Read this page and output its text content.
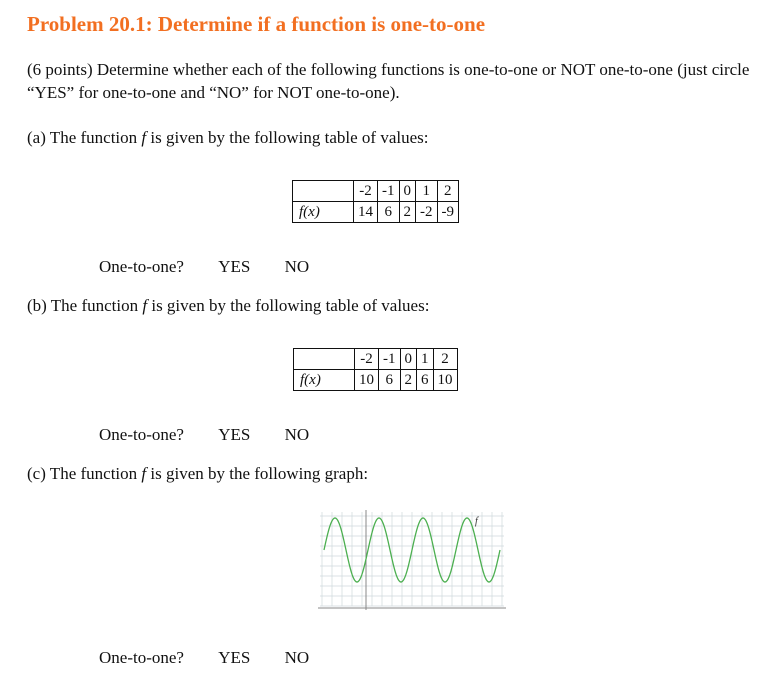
Problem 20.1: Determine if a function is one-to-one

(6 points) Determine whether each of the following functions is one-to-one or NOT one-to-one (just circle “YES” for one-to-one and “NO” for NOT one-to-one).

(a) The function f is given by the following table of values:

	-2	-1	0	1	2
f(x)	14	6	2	-2	-9

One-to-one? YES NO

(b) The function f is given by the following table of values:

	-2	-1	0	1	2
f(x)	10	6	2	6	10

One-to-one? YES NO

(c) The function f is given by the following graph:

f

One-to-one? YES NO
